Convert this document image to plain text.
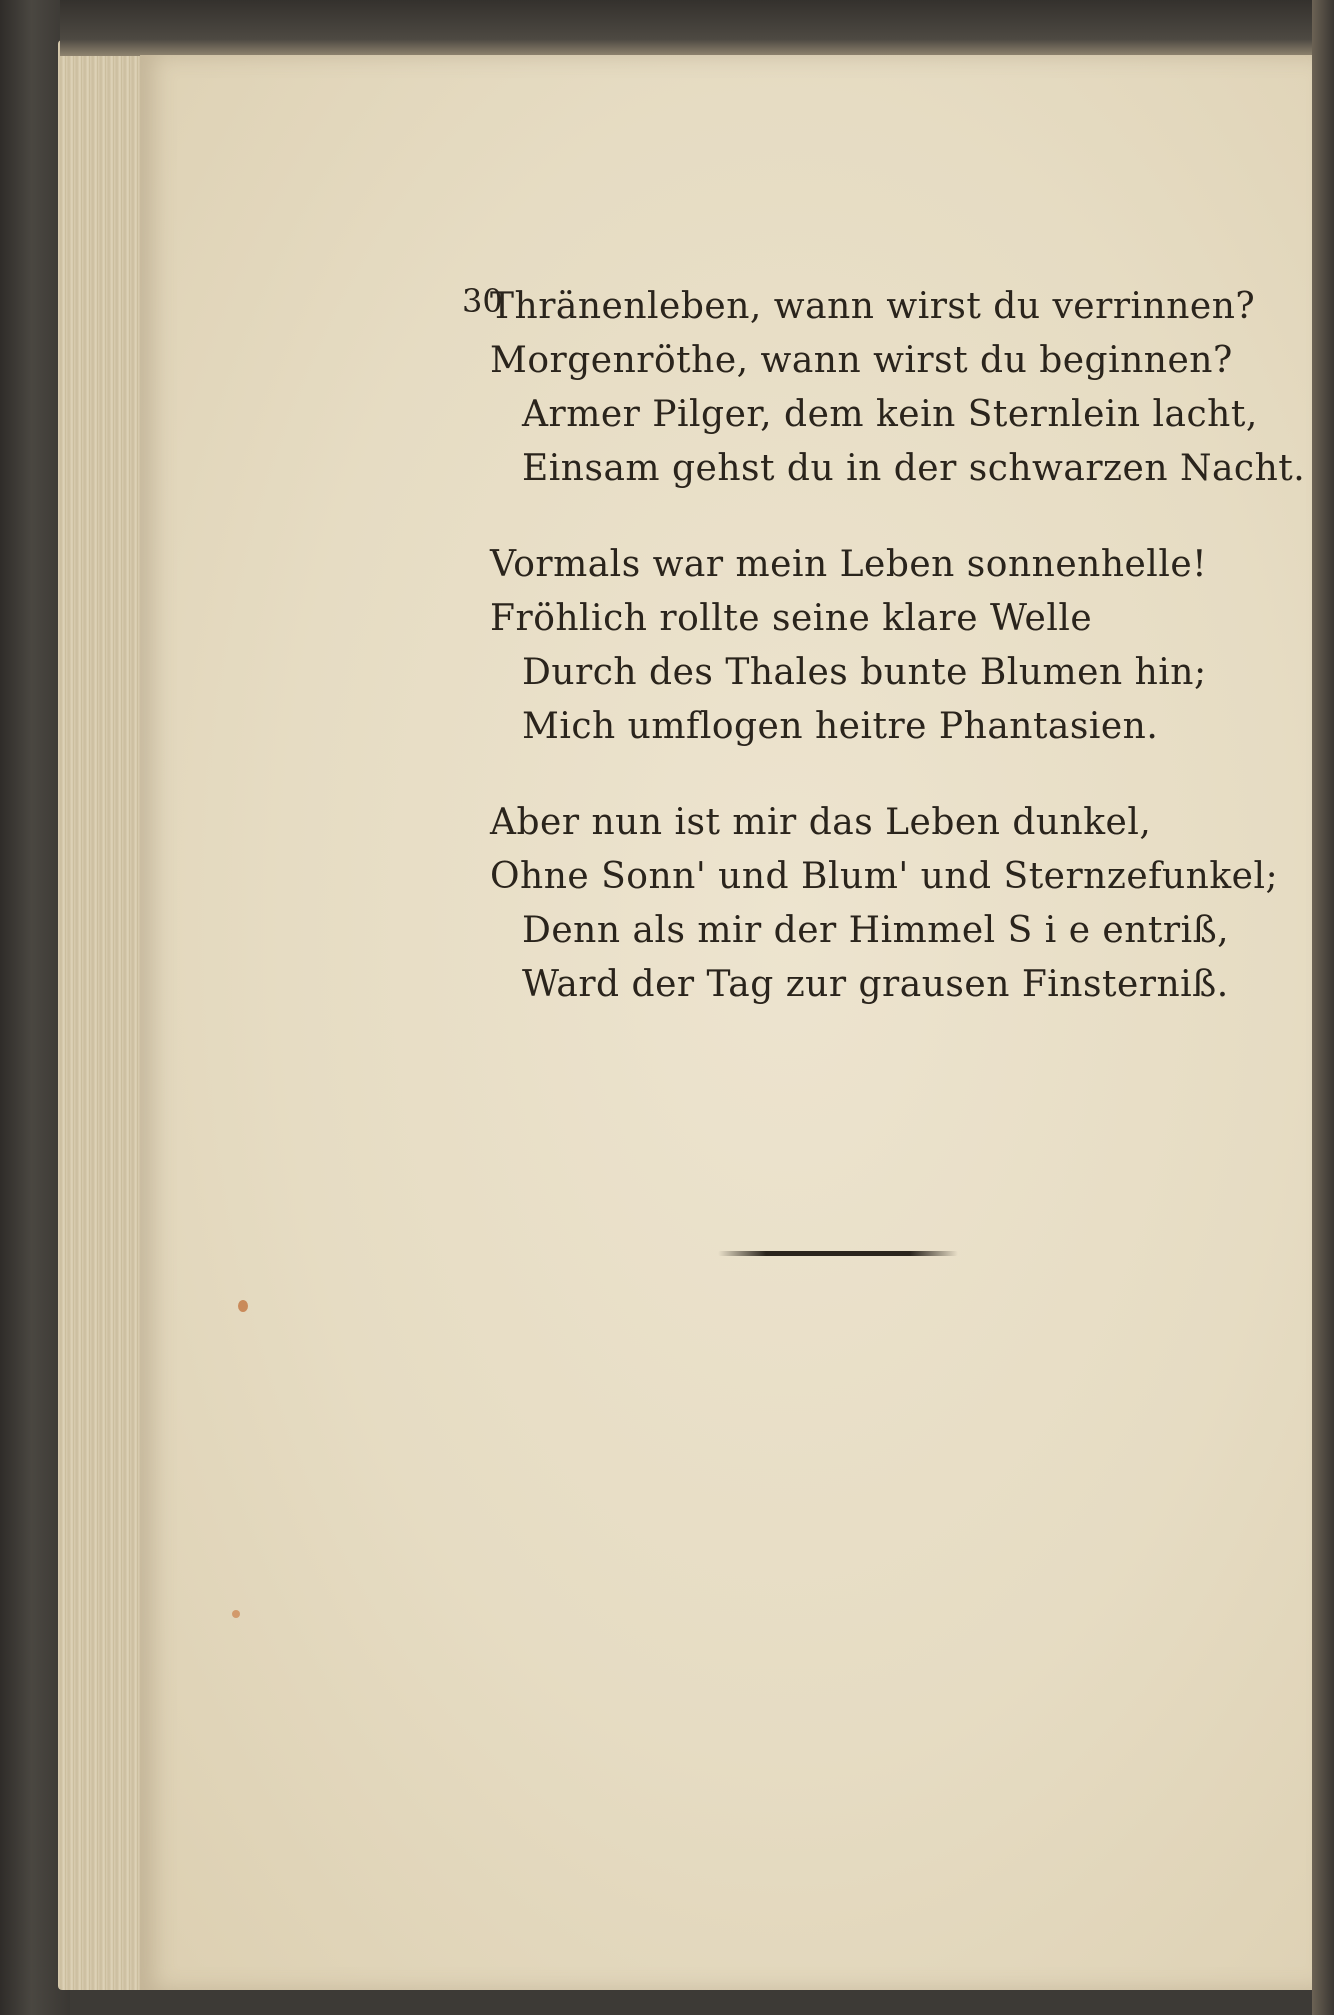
30
Thränenleben, wann wirst du verrinnen?
Morgenröthe, wann wirst du beginnen?
Armer Pilger, dem kein Sternlein lacht,
Einsam gehst du in der schwarzen Nacht.
Vormals war mein Leben sonnenhelle!
Fröhlich rollte seine klare Welle
Durch des Thales bunte Blumen hin;
Mich umflogen heitre Phantasien.
Aber nun ist mir das Leben dunkel,
Ohne Sonn' und Blum' und Sternzefunkel;
Denn als mir der Himmel S i e entriß,
Ward der Tag zur grausen Finsterniß.
